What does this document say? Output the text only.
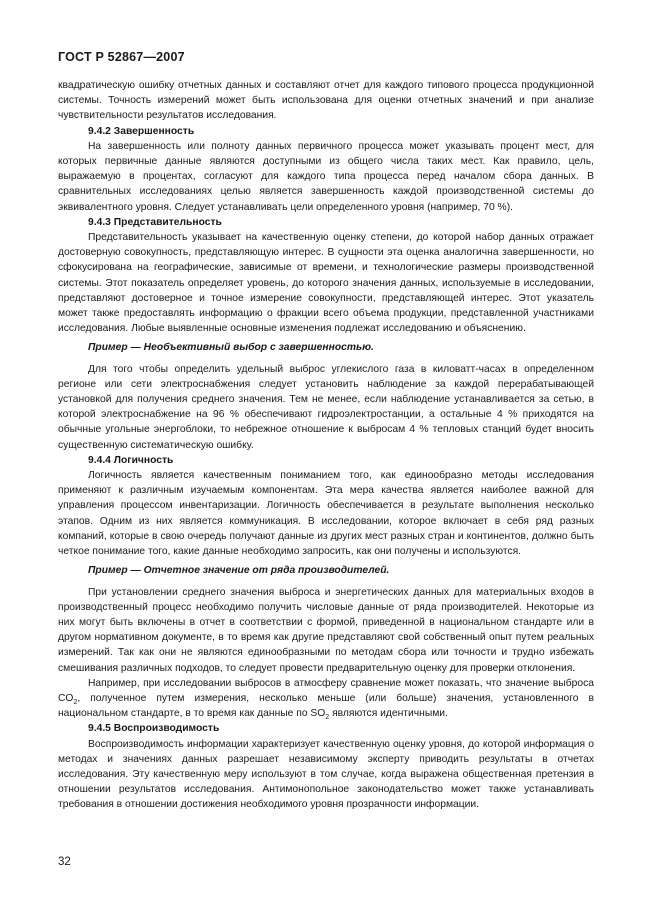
ГОСТ Р 52867—2007

квадратическую ошибку отчетных данных и составляют отчет для каждого типового процесса продукционной системы. Точность измерений может быть использована для оценки отчетных значений и при анализе чувствительности результатов исследования.

9.4.2 Завершенность

На завершенность или полноту данных первичного процесса может указывать процент мест, для которых первичные данные являются доступными из общего числа таких мест. Как правило, цель, выражаемую в процентах, согласуют для каждого типа процесса перед началом сбора данных. В сравнительных исследованиях целью является завершенность каждой производственной системы до эквивалентного уровня. Следует устанавливать цели определенного уровня (например, 70 %).

9.4.3 Представительность

Представительность указывает на качественную оценку степени, до которой набор данных отражает достоверную совокупность, представляющую интерес. В сущности эта оценка аналогична завершенности, но сфокусирована на географические, зависимые от времени, и технологические размеры производственной системы. Этот показатель определяет уровень, до которого значения данных, используемые в исследовании, представляют достоверное и точное измерение совокупности, представляющей интерес. Этот указатель может также предоставлять информацию о фракции всего объема продукции, представленной участниками исследования. Любые выявленные основные изменения подлежат исследованию и объяснению.

Пример — Необъективный выбор с завершенностью.

Для того чтобы определить удельный выброс углекислого газа в киловатт-часах в определенном регионе или сети электроснабжения следует установить наблюдение за каждой перерабатывающей установкой для получения среднего значения. Тем не менее, если наблюдение устанавливается за сетью, в которой электроснабжение на 96 % обеспечивают гидроэлектростанции, а остальные 4 % приходятся на обычные угольные энергоблоки, то небрежное отношение к выбросам 4 % тепловых станций будет вносить существенную систематическую ошибку.

9.4.4 Логичность

Логичность является качественным пониманием того, как единообразно методы исследования применяют к различным изучаемым компонентам. Эта мера качества является наиболее важной для управления процессом инвентаризации. Логичность обеспечивается в результате выполнения несколько этапов. Одним из них является коммуникация. В исследовании, которое включает в себя ряд разных компаний, которые в свою очередь получают данные из других мест разных стран и континентов, должно быть четкое понимание того, какие данные необходимо запросить, как они получены и используются.

Пример — Отчетное значение от ряда производителей.

При установлении среднего значения выброса и энергетических данных для материальных входов в производственный процесс необходимо получить числовые данные от ряда производителей. Некоторые из них могут быть включены в отчет в соответствии с формой, приведенной в национальном стандарте или в другом нормативном документе, в то время как другие представляют свой собственный опыт путем реальных измерений. Так как они не являются единообразными по методам сбора или точности и трудно избежать смешивания различных подходов, то следует провести предварительную оценку для проверки отклонения.

Например, при исследовании выбросов в атмосферу сравнение может показать, что значение выброса $CO_2$, полученное путем измерения, несколько меньше (или больше) значения, установленного в национальном стандарте, в то время как данные по $SO_2$ являются идентичными.

9.4.5 Воспроизводимость

Воспроизводимость информации характеризует качественную оценку уровня, до которой информация о методах и значениях данных разрешает независимому эксперту приводить результаты в отчетах исследования. Эту качественную меру используют в том случае, когда выражена общественная претензия в отношении результатов исследования. Антимонопольное законодательство может также устанавливать требования в отношении достижения необходимого уровня прозрачности информации.

32
